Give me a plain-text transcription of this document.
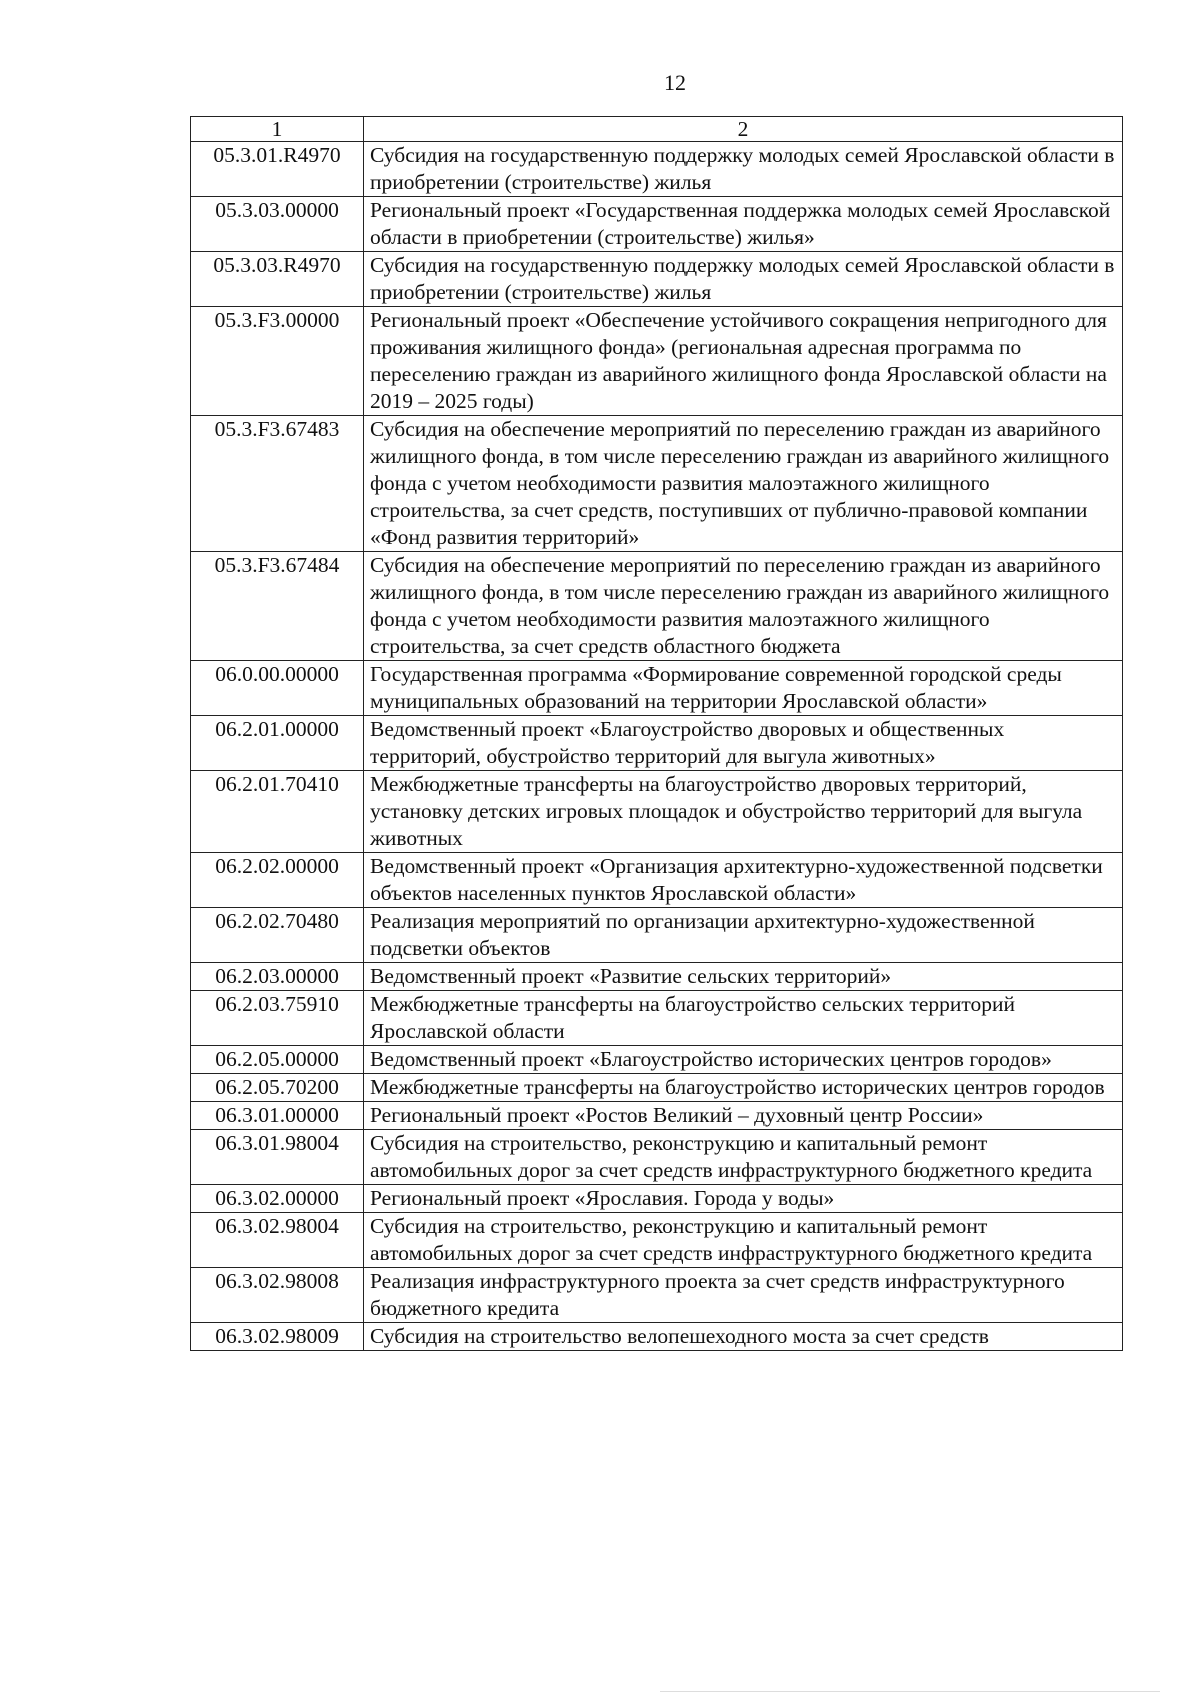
12
1	2
05.3.01.R4970	Субсидия на государственную поддержку молодых семей Ярославской области в приобретении (строительстве) жилья
05.3.03.00000	Региональный проект «Государственная поддержка молодых семей Ярославской области в приобретении (строительстве) жилья»
05.3.03.R4970	Субсидия на государственную поддержку молодых семей Ярославской области в приобретении (строительстве) жилья
05.3.F3.00000	Региональный проект «Обеспечение устойчивого сокращения непригодного для проживания жилищного фонда» (региональная адресная программа по переселению граждан из аварийного жилищного фонда Ярославской области на 2019 – 2025 годы)
05.3.F3.67483	Субсидия на обеспечение мероприятий по переселению граждан из аварийного жилищного фонда, в том числе переселению граждан из аварийного жилищного фонда с учетом необходимости развития малоэтажного жилищного строительства, за счет средств, поступивших от публично-правовой компании «Фонд развития территорий»
05.3.F3.67484	Субсидия на обеспечение мероприятий по переселению граждан из аварийного жилищного фонда, в том числе переселению граждан из аварийного жилищного фонда с учетом необходимости развития малоэтажного жилищного строительства, за счет средств областного бюджета
06.0.00.00000	Государственная программа «Формирование современной городской среды муниципальных образований на территории Ярославской области»
06.2.01.00000	Ведомственный проект «Благоустройство дворовых и общественных территорий, обустройство территорий для выгула животных»
06.2.01.70410	Межбюджетные трансферты на благоустройство дворовых территорий, установку детских игровых площадок и обустройство территорий для выгула животных
06.2.02.00000	Ведомственный проект «Организация архитектурно-художественной подсветки объектов населенных пунктов Ярославской области»
06.2.02.70480	Реализация мероприятий по организации архитектурно-художественной подсветки объектов
06.2.03.00000	Ведомственный проект «Развитие сельских территорий»
06.2.03.75910	Межбюджетные трансферты на благоустройство сельских территорий Ярославской области
06.2.05.00000	Ведомственный проект «Благоустройство исторических центров городов»
06.2.05.70200	Межбюджетные трансферты на благоустройство исторических центров городов
06.3.01.00000	Региональный проект «Ростов Великий – духовный центр России»
06.3.01.98004	Субсидия на строительство, реконструкцию и капитальный ремонт автомобильных дорог за счет средств инфраструктурного бюджетного кредита
06.3.02.00000	Региональный проект «Ярославия. Города у воды»
06.3.02.98004	Субсидия на строительство, реконструкцию и капитальный ремонт автомобильных дорог за счет средств инфраструктурного бюджетного кредита
06.3.02.98008	Реализация инфраструктурного проекта за счет средств инфраструктурного бюджетного кредита
06.3.02.98009	Субсидия на строительство велопешеходного моста за счет средств
